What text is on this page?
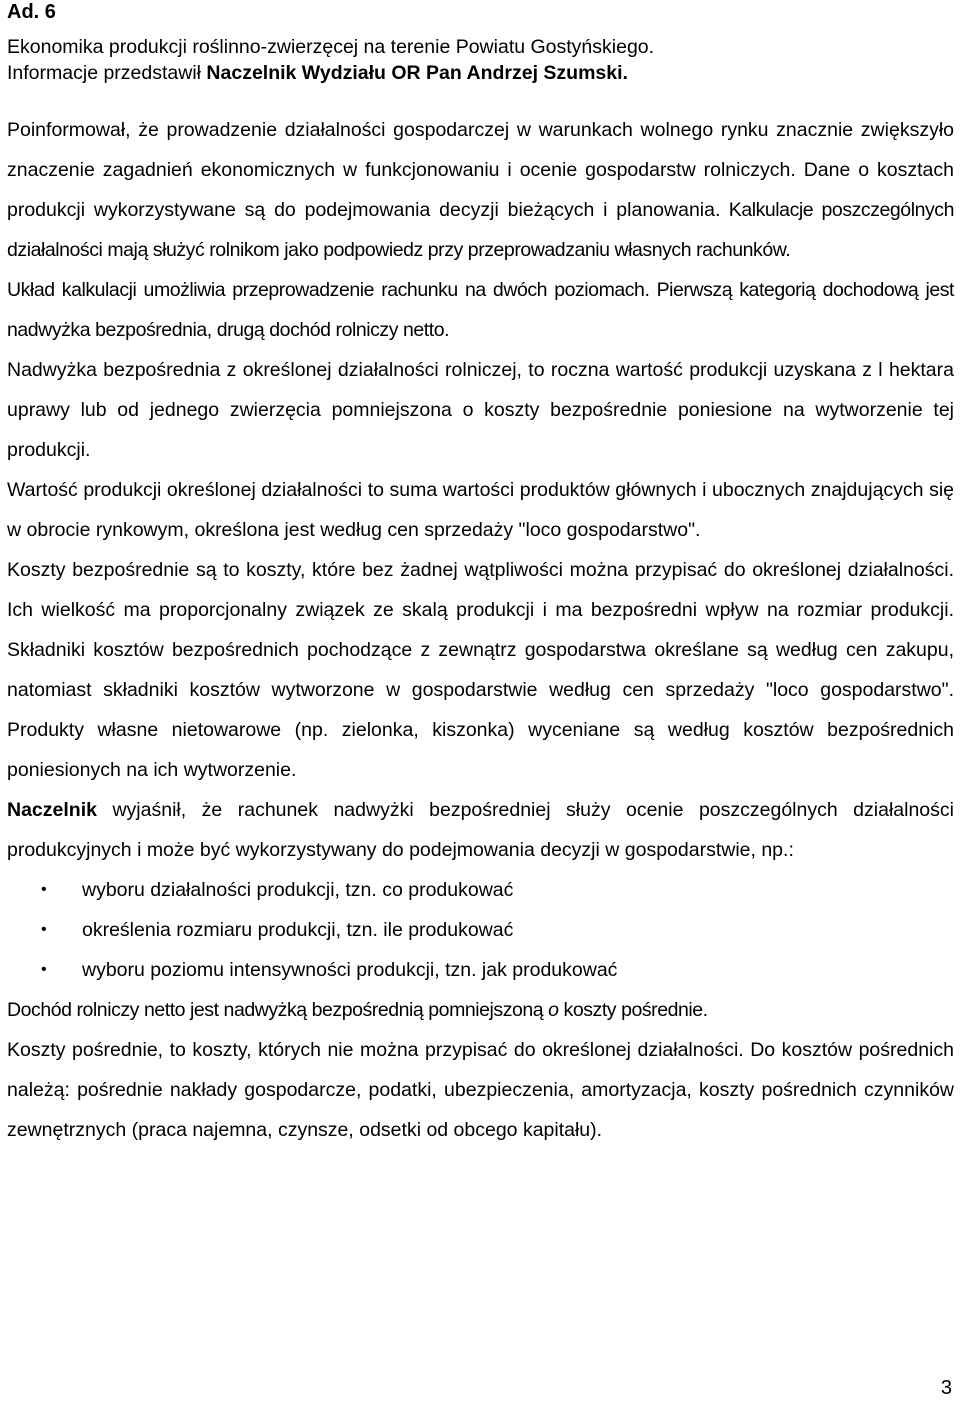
Ad. 6
Ekonomika produkcji roślinno-zwierzęcej na terenie Powiatu Gostyńskiego.
Informacje przedstawił Naczelnik Wydziału OR Pan Andrzej Szumski.

Poinformował, że prowadzenie działalności gospodarczej w warunkach wolnego rynku znacznie zwiększyło znaczenie zagadnień ekonomicznych w funkcjonowaniu i ocenie gospodarstw rolniczych. Dane o kosztach produkcji wykorzystywane są do podejmowania decyzji bieżących i planowania. Kalkulacje poszczególnych działalności mają służyć rolnikom jako podpowiedz przy przeprowadzaniu własnych rachunków.

Układ kalkulacji umożliwia przeprowadzenie rachunku na dwóch poziomach. Pierwszą kategorią dochodową jest nadwyżka bezpośrednia, drugą dochód rolniczy netto.

Nadwyżka bezpośrednia z określonej działalności rolniczej, to roczna wartość produkcji uzyskana z l hektara uprawy lub od jednego zwierzęcia pomniejszona o koszty bezpośrednie poniesione na wytworzenie tej produkcji.

Wartość produkcji określonej działalności to suma wartości produktów głównych i ubocznych znajdujących się w obrocie rynkowym, określona jest według cen sprzedaży "loco gospodarstwo".

Koszty bezpośrednie są to koszty, które bez żadnej wątpliwości można przypisać do określonej działalności. Ich wielkość ma proporcjonalny związek ze skalą produkcji i ma bezpośredni wpływ na rozmiar produkcji. Składniki kosztów bezpośrednich pochodzące z zewnątrz gospodarstwa określane są według cen zakupu, natomiast składniki kosztów wytworzone w gospodarstwie według cen sprzedaży "loco gospodarstwo". Produkty własne nietowarowe (np. zielonka, kiszonka) wyceniane są według kosztów bezpośrednich poniesionych na ich wytworzenie.

Naczelnik wyjaśnił, że rachunek nadwyżki bezpośredniej służy ocenie poszczególnych działalności produkcyjnych i może być wykorzystywany do podejmowania decyzji w gospodarstwie, np.:

• wyboru działalności produkcji, tzn. co produkować
• określenia rozmiaru produkcji, tzn. ile produkować
• wyboru poziomu intensywności produkcji, tzn. jak produkować

Dochód rolniczy netto jest nadwyżką bezpośrednią pomniejszoną o koszty pośrednie.

Koszty pośrednie, to koszty, których nie można przypisać do określonej działalności. Do kosztów pośrednich należą: pośrednie nakłady gospodarcze, podatki, ubezpieczenia, amortyzacja, koszty pośrednich czynników zewnętrznych (praca najemna, czynsze, odsetki od obcego kapitału).

3
